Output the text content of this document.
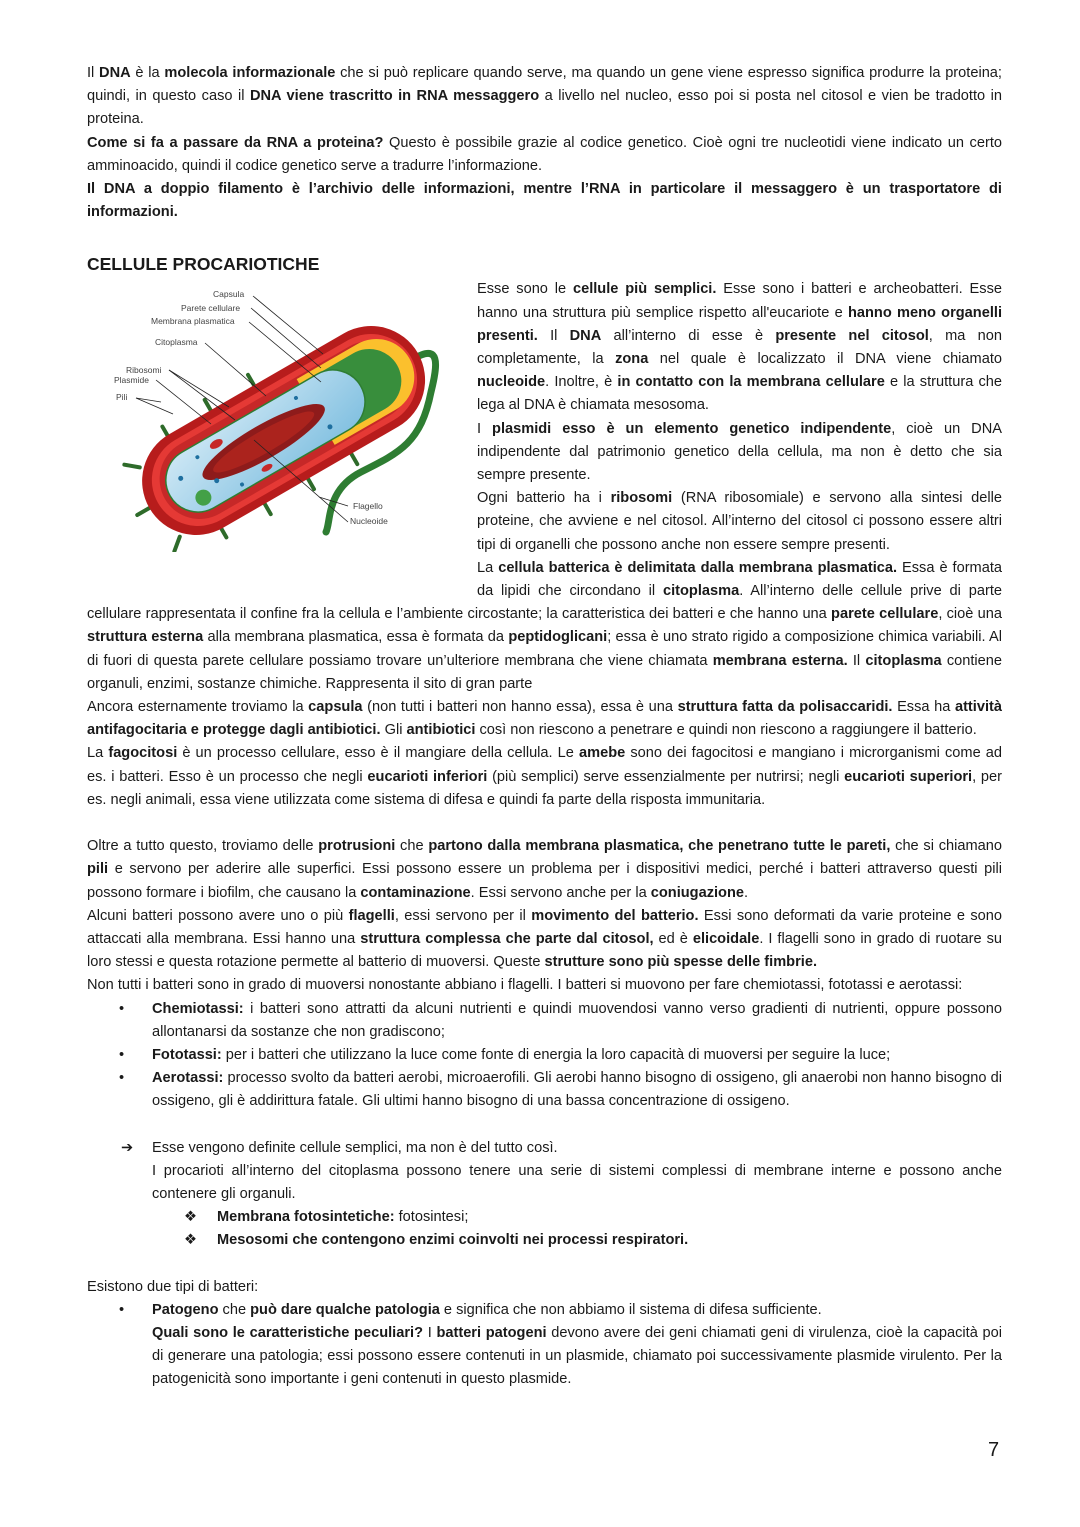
Il DNA è la molecola informazionale che si può replicare quando serve, ma quando un gene viene espresso significa produrre la proteina; quindi, in questo caso il DNA viene trascritto in RNA messaggero a livello nel nucleo, esso poi si posta nel citosol e vien be tradotto in proteina.

Come si fa a passare da RNA a proteina? Questo è possibile grazie al codice genetico. Cioè ogni tre nucleotidi viene indicato un certo amminoacido, quindi il codice genetico serve a tradurre l’informazione.

Il DNA a doppio filamento è l’archivio delle informazioni, mentre l’RNA in particolare il messaggero è un trasportatore di informazioni.

CELLULE PROCARIOTICHE
Capsula
Parete cellulare
Membrana plasmatica
Citoplasma
Ribosomi
Plasmide
Pili
Flagello
Nucleoide
Esse sono le cellule più semplici. Esse sono i batteri e archeobatteri. Esse hanno una struttura più semplice rispetto all'eucariote e hanno meno organelli presenti. Il DNA all’interno di esse è presente nel citosol, ma non completamente, la zona nel quale è localizzato il DNA viene chiamato nucleoide. Inoltre, è in contatto con la membrana cellulare e la struttura che lega al DNA è chiamata mesosoma.
I plasmidi esso è un elemento genetico indipendente, cioè un DNA indipendente dal patrimonio genetico della cellula, ma non è detto che sia sempre presente.
Ogni batterio ha i ribosomi (RNA ribosomiale) e servono alla sintesi delle proteine, che avviene e nel citosol. All’interno del citosol ci possono essere altri tipi di organelli che possono anche non essere sempre presenti.
La cellula batterica è delimitata dalla membrana plasmatica. Essa è formata da lipidi che circondano il citoplasma. All’interno delle cellule prive di parte cellulare rappresentata il confine fra la cellula e l’ambiente circostante; la caratteristica dei batteri e che hanno una parete cellulare, cioè una struttura esterna alla membrana plasmatica, essa è formata da peptidoglicani; essa è uno strato rigido a composizione chimica variabili. Al di fuori di questa parete cellulare possiamo trovare un’ulteriore membrana che viene chiamata membrana esterna. Il citoplasma contiene organuli, enzimi, sostanze chimiche. Rappresenta il sito di gran parte
Ancora esternamente troviamo la capsula (non tutti i batteri non hanno essa), essa è una struttura fatta da polisaccaridi. Essa ha attività antifagocitaria e protegge dagli antibiotici. Gli antibiotici così non riescono a penetrare e quindi non riescono a raggiungere il batterio.
La fagocitosi è un processo cellulare, esso è il mangiare della cellula. Le amebe sono dei fagocitosi e mangiano i microrganismi come ad es. i batteri. Esso è un processo che negli eucarioti inferiori (più semplici) serve essenzialmente per nutrirsi; negli eucarioti superiori, per es. negli animali, essa viene utilizzata come sistema di difesa e quindi fa parte della risposta immunitaria.
Oltre a tutto questo, troviamo delle protrusioni che partono dalla membrana plasmatica, che penetrano tutte le pareti, che si chiamano pili e servono per aderire alle superfici. Essi possono essere un problema per i dispositivi medici, perché i batteri attraverso questi pili possono formare i biofilm, che causano la contaminazione. Essi servono anche per la coniugazione.
Alcuni batteri possono avere uno o più flagelli, essi servono per il movimento del batterio. Essi sono deformati da varie proteine e sono attaccati alla membrana. Essi hanno una struttura complessa che parte dal citosol, ed è elicoidale. I flagelli sono in grado di ruotare su loro stessi e questa rotazione permette al batterio di muoversi. Queste strutture sono più spesse delle fimbrie.
Non tutti i batteri sono in grado di muoversi nonostante abbiano i flagelli. I batteri si muovono per fare chemiotassi, fototassi e aerotassi:
• Chemiotassi: i batteri sono attratti da alcuni nutrienti e quindi muovendosi vanno verso gradienti di nutrienti, oppure possono allontanarsi da sostanze che non gradiscono;
• Fototassi: per i batteri che utilizzano la luce come fonte di energia la loro capacità di muoversi per seguire la luce;
• Aerotassi: processo svolto da batteri aerobi, microaerofili. Gli aerobi hanno bisogno di ossigeno, gli anaerobi non hanno bisogno di ossigeno, gli è addirittura fatale. Gli ultimi hanno bisogno di una bassa concentrazione di ossigeno.
➔ Esse vengono definite cellule semplici, ma non è del tutto così.
I procarioti all’interno del citoplasma possono tenere una serie di sistemi complessi di membrane interne e possono anche contenere gli organuli.
❖ Membrana fotosintetiche: fotosintesi;
❖ Mesosomi che contengono enzimi coinvolti nei processi respiratori.
Esistono due tipi di batteri:
• Patogeno che può dare qualche patologia e significa che non abbiamo il sistema di difesa sufficiente.
Quali sono le caratteristiche peculiari? I batteri patogeni devono avere dei geni chiamati geni di virulenza, cioè la capacità poi di generare una patologia; essi possono essere contenuti in un plasmide, chiamato poi successivamente plasmide virulento. Per la patogenicità sono importante i geni contenuti in questo plasmide.
7
